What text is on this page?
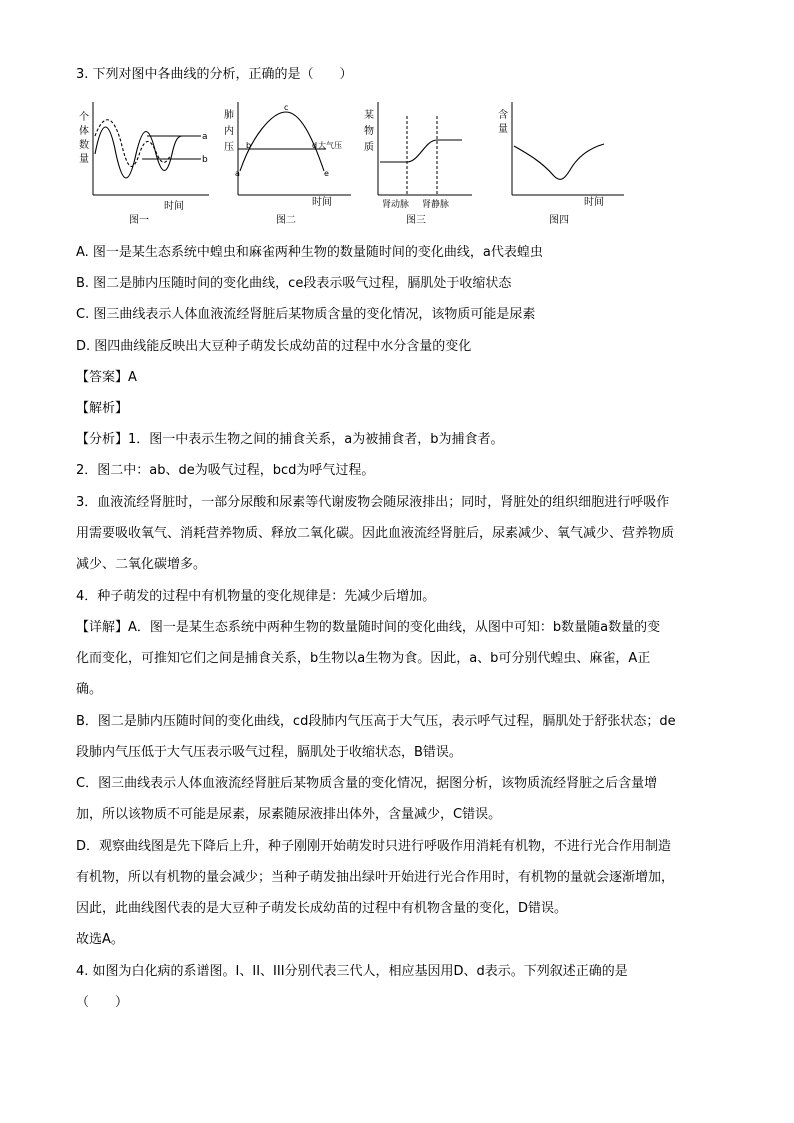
3. 下列对图中各曲线的分析，正确的是（　　）
个
体
数
量
a
b
时间
图一
肺
内
压
a
b
c
d
e
大气压
时间
图二
某
物
质
肾动脉 肾静脉
图三
含
量
时间
图四
A. 图一是某生态系统中蝗虫和麻雀两种生物的数量随时间的变化曲线，a代表蝗虫
B. 图二是肺内压随时间的变化曲线，ce段表示吸气过程，膈肌处于收缩状态
C. 图三曲线表示人体血液流经肾脏后某物质含量的变化情况，该物质可能是尿素
D. 图四曲线能反映出大豆种子萌发长成幼苗的过程中水分含量的变化
【答案】A
【解析】
【分析】1．图一中表示生物之间的捕食关系，a为被捕食者，b为捕食者。
2．图二中：ab、de为吸气过程，bcd为呼气过程。
3．血液流经肾脏时，一部分尿酸和尿素等代谢废物会随尿液排出；同时，肾脏处的组织细胞进行呼吸作
用需要吸收氧气、消耗营养物质、释放二氧化碳。因此血液流经肾脏后，尿素减少、氧气减少、营养物质
减少、二氧化碳增多。
4．种子萌发的过程中有机物量的变化规律是：先减少后增加。
【详解】A．图一是某生态系统中两种生物的数量随时间的变化曲线，从图中可知：b数量随a数量的变
化而变化，可推知它们之间是捕食关系，b生物以a生物为食。因此，a、b可分别代蝗虫、麻雀，A正
确。
B．图二是肺内压随时间的变化曲线，cd段肺内气压高于大气压，表示呼气过程，膈肌处于舒张状态；de
段肺内气压低于大气压表示吸气过程，膈肌处于收缩状态，B错误。
C．图三曲线表示人体血液流经肾脏后某物质含量的变化情况，据图分析，该物质流经肾脏之后含量增
加，所以该物质不可能是尿素，尿素随尿液排出体外，含量减少，C错误。
D．观察曲线图是先下降后上升，种子刚刚开始萌发时只进行呼吸作用消耗有机物，不进行光合作用制造
有机物，所以有机物的量会减少；当种子萌发抽出绿叶开始进行光合作用时，有机物的量就会逐渐增加，
因此，此曲线图代表的是大豆种子萌发长成幼苗的过程中有机物含量的变化，D错误。
故选A。
4. 如图为白化病的系谱图。I、II、III分别代表三代人，相应基因用D、d表示。下列叙述正确的是
（　　）
